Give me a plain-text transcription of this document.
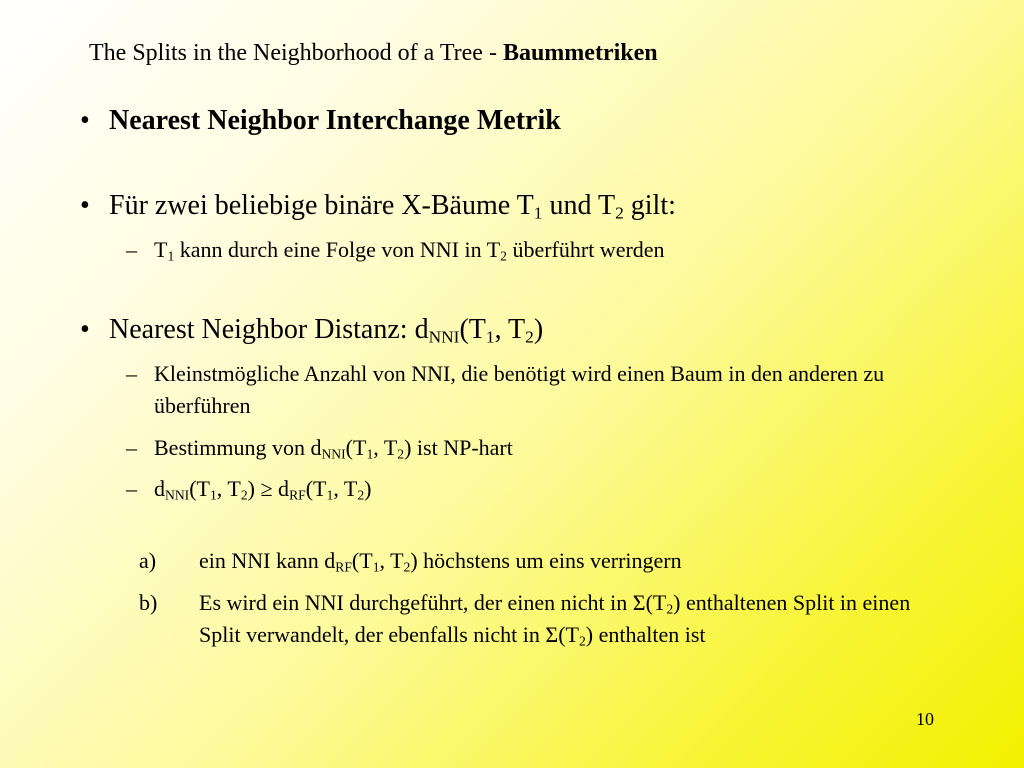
The Splits in the Neighborhood of a Tree - Baummetriken
• Nearest Neighbor Interchange Metrik
• Für zwei beliebige binäre X-Bäume $T_1$ und $T_2$ gilt:
– $T_1$ kann durch eine Folge von NNI in $T_2$ überführt werden
• Nearest Neighbor Distanz: $d_{NNI}(T_1$, $T_2$)
– Kleinstmögliche Anzahl von NNI, die benötigt wird einen Baum in den anderen zu überführen
– Bestimmung von $d_{NNI}(T_1$, $T_2$) ist NP-hart
– $d_{NNI}(T_1$, $T_2) \ge d_{RF}(T_1$, $T_2$)
a) ein NNI kann $d_{RF}(T_1$, $T_2$) höchstens um eins verringern
b) Es wird ein NNI durchgeführt, der einen nicht in $\Sigma(T_2)$ enthaltenen Split in einen Split verwandelt, der ebenfalls nicht in $\Sigma(T_2)$ enthalten ist
10
